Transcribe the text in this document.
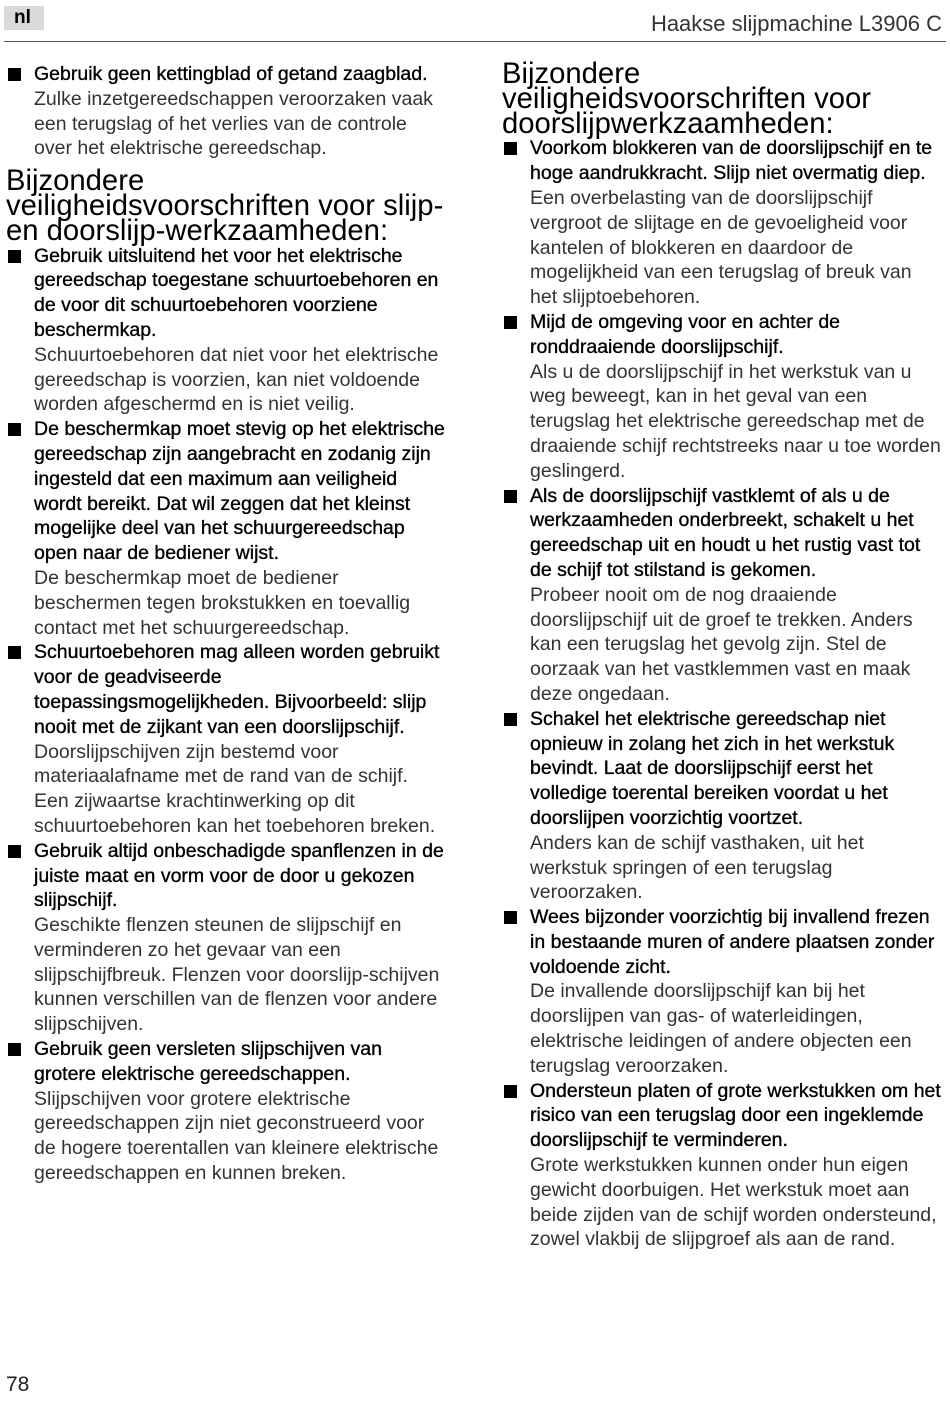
nl	Haakse slijpmachine L3906 C
Gebruik geen kettingblad of getand zaagblad.
Zulke inzetgereedschappen veroorzaken vaak een terugslag of het verlies van de controle over het elektrische gereedschap.
Bijzondere veiligheidsvoorschriften voor slijp- en doorslijp-werkzaamheden:
Gebruik uitsluitend het voor het elektrische gereedschap toegestane schuurtoebehoren en de voor dit schuurtoebehoren voorziene beschermkap.
Schuurtoebehoren dat niet voor het elektrische gereedschap is voorzien, kan niet voldoende worden afgeschermd en is niet veilig.
De beschermkap moet stevig op het elektrische gereedschap zijn aangebracht en zodanig zijn ingesteld dat een maximum aan veiligheid wordt bereikt. Dat wil zeggen dat het kleinst mogelijke deel van het schuurgereedschap open naar de bediener wijst.
De beschermkap moet de bediener beschermen tegen brokstukken en toevallig contact met het schuurgereedschap.
Schuurtoebehoren mag alleen worden gebruikt voor de geadviseerde toepassingsmogelijkheden. Bijvoorbeeld: slijp nooit met de zijkant van een doorslijpschijf.
Doorslijpschijven zijn bestemd voor materiaalafname met de rand van de schijf. Een zijwaartse krachtinwerking op dit schuurtoebehoren kan het toebehoren breken.
Gebruik altijd onbeschadigde spanflenzen in de juiste maat en vorm voor de door u gekozen slijpschijf.
Geschikte flenzen steunen de slijpschijf en verminderen zo het gevaar van een slijpschijfbreuk. Flenzen voor doorslijp-schijven kunnen verschillen van de flenzen voor andere slijpschijven.
Gebruik geen versleten slijpschijven van grotere elektrische gereedschappen.
Slijpschijven voor grotere elektrische gereedschappen zijn niet geconstrueerd voor de hogere toerentallen van kleinere elektrische gereedschappen en kunnen breken.
Bijzondere veiligheidsvoorschriften voor doorslijpwerkzaamheden:
Voorkom blokkeren van de doorslijpschijf en te hoge aandrukkracht. Slijp niet overmatig diep.
Een overbelasting van de doorslijpschijf vergroot de slijtage en de gevoeligheid voor kantelen of blokkeren en daardoor de mogelijkheid van een terugslag of breuk van het slijptoebehoren.
Mijd de omgeving voor en achter de ronddraaiende doorslijpschijf.
Als u de doorslijpschijf in het werkstuk van u weg beweegt, kan in het geval van een terugslag het elektrische gereedschap met de draaiende schijf rechtstreeks naar u toe worden geslingerd.
Als de doorslijpschijf vastklemt of als u de werkzaamheden onderbreekt, schakelt u het gereedschap uit en houdt u het rustig vast tot de schijf tot stilstand is gekomen.
Probeer nooit om de nog draaiende doorslijpschijf uit de groef te trekken. Anders kan een terugslag het gevolg zijn. Stel de oorzaak van het vastklemmen vast en maak deze ongedaan.
Schakel het elektrische gereedschap niet opnieuw in zolang het zich in het werkstuk bevindt. Laat de doorslijpschijf eerst het volledige toerental bereiken voordat u het doorslijpen voorzichtig voortzet.
Anders kan de schijf vasthaken, uit het werkstuk springen of een terugslag veroorzaken.
Wees bijzonder voorzichtig bij invallend frezen in bestaande muren of andere plaatsen zonder voldoende zicht.
De invallende doorslijpschijf kan bij het doorslijpen van gas- of waterleidingen, elektrische leidingen of andere objecten een terugslag veroorzaken.
Ondersteun platen of grote werkstukken om het risico van een terugslag door een ingeklemde doorslijpschijf te verminderen.
Grote werkstukken kunnen onder hun eigen gewicht doorbuigen. Het werkstuk moet aan beide zijden van de schijf worden ondersteund, zowel vlakbij de slijpgroef als aan de rand.
78
